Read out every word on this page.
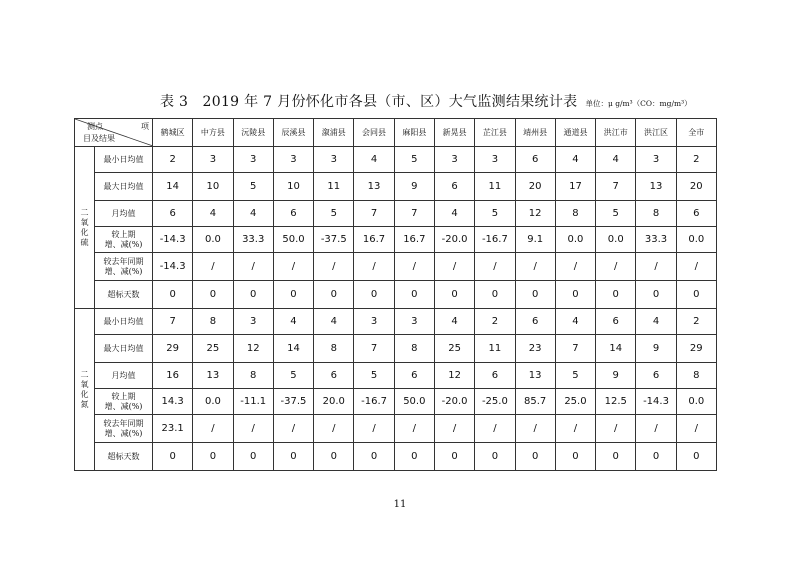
表 3　2019 年 7 月份怀化市各县（市、区）大气监测结果统计表 单位：μ g/m³（CO：mg/m³）
测点 项
目及结果		鹤城区	中方县	沅陵县	辰溪县	溆浦县	会同县	麻阳县	新晃县	芷江县	靖州县	通道县	洪江市	洪江区	全市
二
氧
化
硫	最小日均值	2	3	3	3	3	4	5	3	3	6	4	4	3	2
	最大日均值	14	10	5	10	11	13	9	6	11	20	17	7	13	20
	月均值	6	4	4	6	5	7	7	4	5	12	8	5	8	6
	较上期
增、减(%)	-14.3	0.0	33.3	50.0	-37.5	16.7	16.7	-20.0	-16.7	9.1	0.0	0.0	33.3	0.0
	较去年同期
增、减(%)	-14.3	/	/	/	/	/	/	/	/	/	/	/	/	/
	超标天数	0	0	0	0	0	0	0	0	0	0	0	0	0	0
二
氧
化
氮	最小日均值	7	8	3	4	4	3	3	4	2	6	4	6	4	2
	最大日均值	29	25	12	14	8	7	8	25	11	23	7	14	9	29
	月均值	16	13	8	5	6	5	6	12	6	13	5	9	6	8
	较上期
增、减(%)	14.3	0.0	-11.1	-37.5	20.0	-16.7	50.0	-20.0	-25.0	85.7	25.0	12.5	-14.3	0.0
	较去年同期
增、减(%)	23.1	/	/	/	/	/	/	/	/	/	/	/	/	/
	超标天数	0	0	0	0	0	0	0	0	0	0	0	0	0	0
11
